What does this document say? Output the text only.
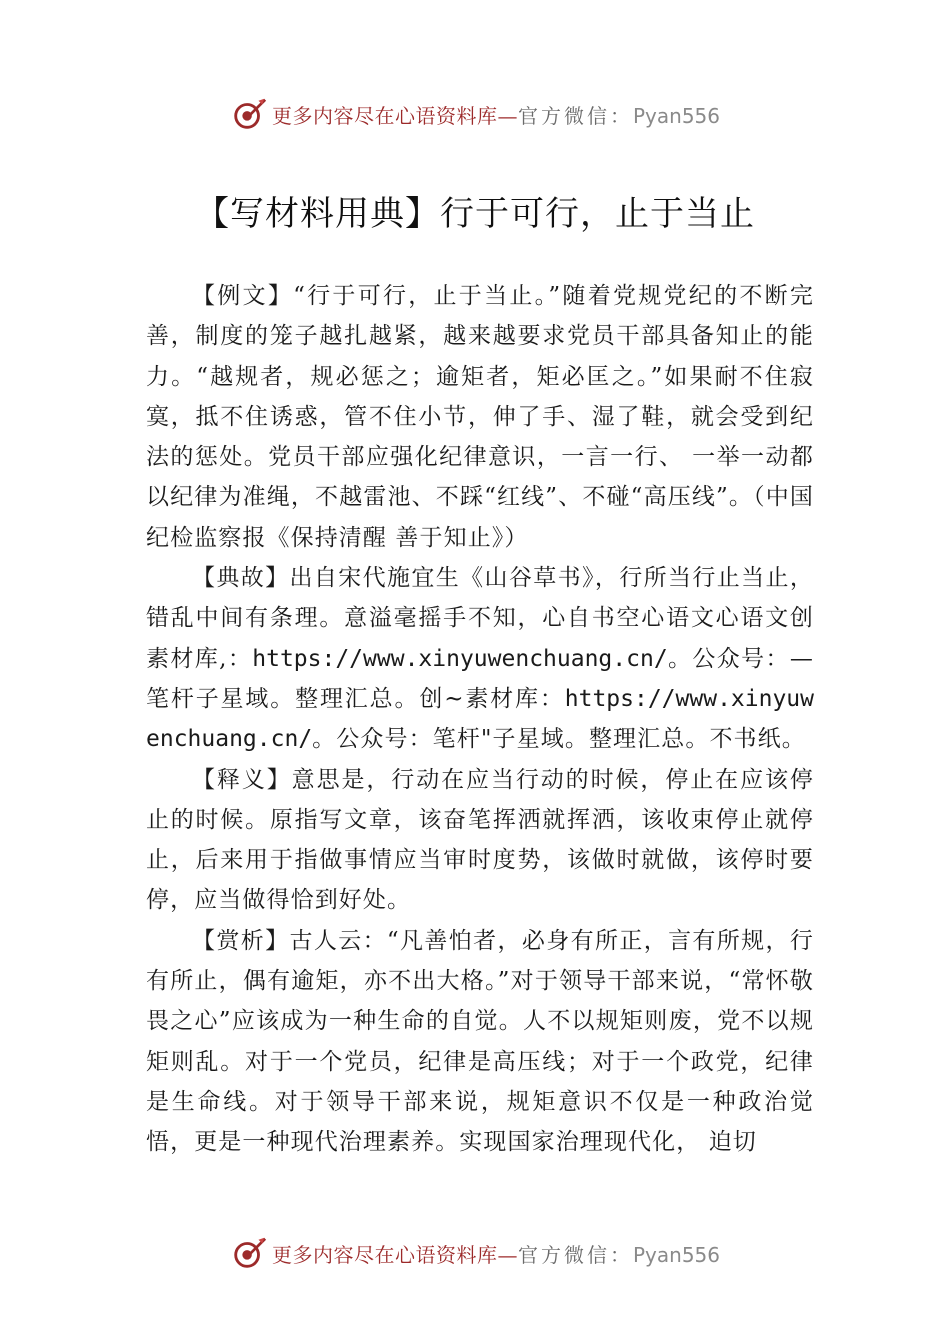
更多内容尽在心语资料库—官方微信：Pyan556
【写材料用典】行于可行，止于当止

【例文】“行于可行，止于当止。”随着党规党纪的不断完善，制度的笼子越扎越紧，越来越要求党员干部具备知止的能力。“越规者，规必惩之；逾矩者，矩必匡之。”如果耐不住寂寞，抵不住诱惑，管不住小节，伸了手、湿了鞋，就会受到纪法的惩处。党员干部应强化纪律意识，一言一行、 一举一动都以纪律为准绳，不越雷池、不踩“红线”、不碰“高压线”。（中国纪检监察报《保持清醒 善于知止》）

【典故】出自宋代施宜生《山谷草书》，行所当行止当止， 错乱中间有条理。意溢毫摇手不知，心自书空心语文心语文创素材库,：https://www.xinyuwenchuang.cn/。公众号：—笔杆子星域。整理汇总。创~素材库：https://www.xinyuwenchuang.cn/。公众号：笔杆"子星域。整理汇总。不书纸。

【释义】意思是，行动在应当行动的时候，停止在应该停止的时候。原指写文章，该奋笔挥洒就挥洒，该收束停止就停止，后来用于指做事情应当审时度势，该做时就做，该停时要停，应当做得恰到好处。

【赏析】古人云：“凡善怕者，必身有所正，言有所规，行有所止，偶有逾矩，亦不出大格。”对于领导干部来说，“常怀敬畏之心”应该成为一种生命的自觉。人不以规矩则废，党不以规矩则乱。对于一个党员，纪律是高压线；对于一个政党，纪律是生命线。对于领导干部来说，规矩意识不仅是一种政治觉悟，更是一种现代治理素养。实现国家治理现代化， 迫切

更多内容尽在心语资料库—官方微信：Pyan556
